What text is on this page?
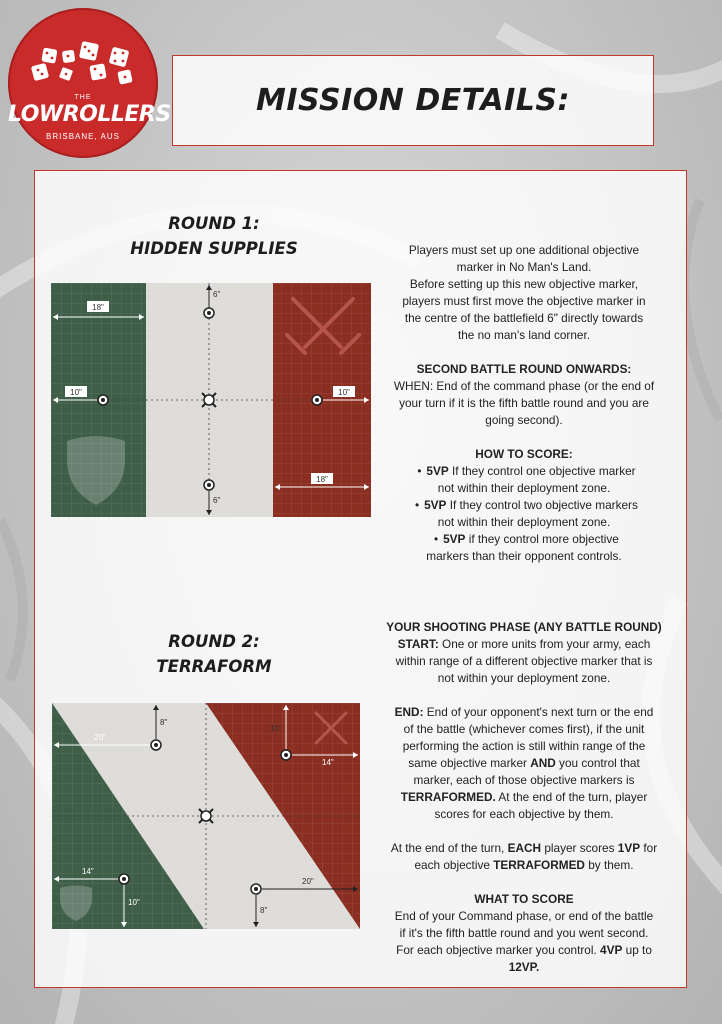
THE
LOWROLLERS
BRISBANE, AUS
MISSION DETAILS:
ROUND 1:
HIDDEN SUPPLIES
18"
6"
10"	10"
18"
6"

Players must set up one additional objective

marker in No Man's Land.

Before setting up this new objective marker,

players must first move the objective marker in

the centre of the battlefield 6" directly towards

the no man's land corner.

SECOND BATTLE ROUND ONWARDS:

WHEN: End of the command phase (or the end of

your turn if it is the fifth battle round and you are

going second).

HOW TO SCORE:

• 5VP If they control one objective marker

not within their deployment zone.

• 5VP If they control two objective markers

not within their deployment zone.

• 5VP if they control more objective

markers than their opponent controls.

ROUND 2:
TERRAFORM
20"
8"
10"
14"
14"
10"
20"
8"

YOUR SHOOTING PHASE (ANY BATTLE ROUND)

START: One or more units from your army, each

within range of a different objective marker that is

not within your deployment zone.

END: End of your opponent's next turn or the end

of the battle (whichever comes first), if the unit

performing the action is still within range of the

same objective marker AND you control that

marker, each of those objective markers is

TERRAFORMED. At the end of the turn, player

scores for each objective by them.

At the end of the turn, EACH player scores 1VP for

each objective TERRAFORMED by them.

WHAT TO SCORE

End of your Command phase, or end of the battle

if it's the fifth battle round and you went second.

For each objective marker you control. 4VP up to

12VP.
